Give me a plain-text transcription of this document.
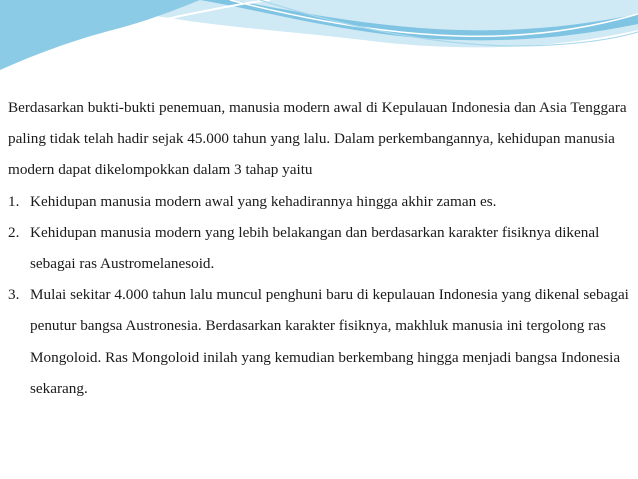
Berdasarkan bukti-bukti penemuan, manusia modern awal di Kepulauan Indonesia dan Asia Tenggara paling tidak telah hadir sejak 45.000 tahun yang lalu. Dalam perkembangannya, kehidupan manusia modern dapat dikelompokkan dalam 3 tahap yaitu

1. Kehidupan manusia modern awal yang kehadirannya hingga akhir zaman es.
2. Kehidupan manusia modern yang lebih belakangan dan berdasarkan karakter fisiknya dikenal sebagai ras Austromelanesoid.
3. Mulai sekitar 4.000 tahun lalu muncul penghuni baru di kepulauan Indonesia yang dikenal sebagai penutur bangsa Austronesia. Berdasarkan karakter fisiknya, makhluk manusia ini tergolong ras Mongoloid. Ras Mongoloid inilah yang kemudian berkembang hingga menjadi bangsa Indonesia sekarang.
